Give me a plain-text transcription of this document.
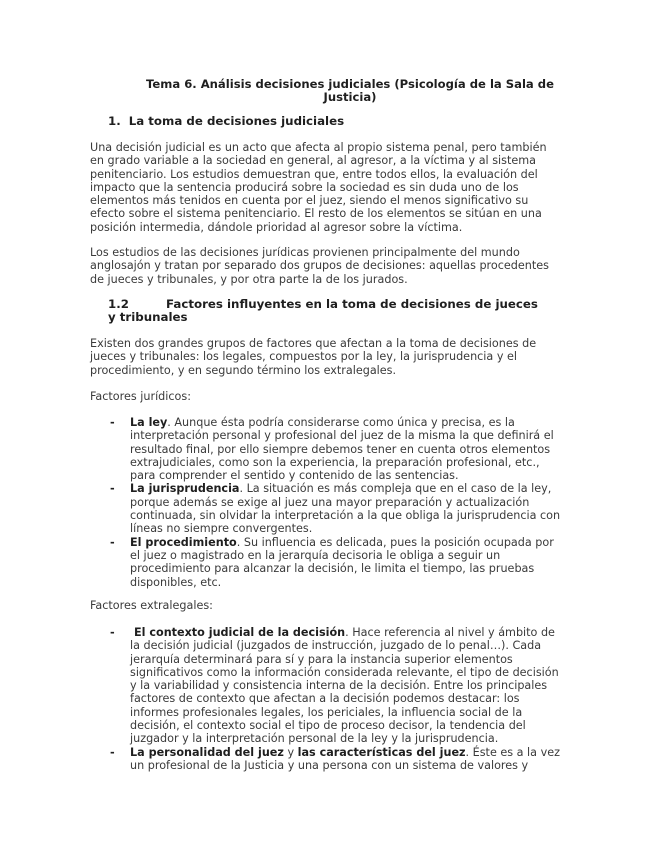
Tema 6. Análisis decisiones judiciales (Psicología de la Sala de Justicia)
1. La toma de decisiones judiciales

Una decisión judicial es un acto que afecta al propio sistema penal, pero también en grado variable a la sociedad en general, al agresor, a la víctima y al sistema penitenciario. Los estudios demuestran que, entre todos ellos, la evaluación del impacto que la sentencia producirá sobre la sociedad es sin duda uno de los elementos más tenidos en cuenta por el juez, siendo el menos significativo su efecto sobre el sistema penitenciario. El resto de los elementos se sitúan en una posición intermedia, dándole prioridad al agresor sobre la víctima.

Los estudios de las decisiones jurídicas provienen principalmente del mundo anglosajón y tratan por separado dos grupos de decisiones: aquellas procedentes de jueces y tribunales, y por otra parte la de los jurados.

1.2	Factores influyentes en la toma de decisiones de jueces y tribunales

Existen dos grandes grupos de factores que afectan a la toma de decisiones de jueces y tribunales: los legales, compuestos por la ley, la jurisprudencia y el procedimiento, y en segundo término los extralegales.

Factores jurídicos:

- La ley. Aunque ésta podría considerarse como única y precisa, es la interpretación personal y profesional del juez de la misma la que definirá el resultado final, por ello siempre debemos tener en cuenta otros elementos extrajudiciales, como son la experiencia, la preparación profesional, etc., para comprender el sentido y contenido de las sentencias.
- La jurisprudencia. La situación es más compleja que en el caso de la ley, porque además se exige al juez una mayor preparación y actualización continuada, sin olvidar la interpretación a la que obliga la jurisprudencia con líneas no siempre convergentes.
- El procedimiento. Su influencia es delicada, pues la posición ocupada por el juez o magistrado en la jerarquía decisoria le obliga a seguir un procedimiento para alcanzar la decisión, le limita el tiempo, las pruebas disponibles, etc.

Factores extralegales:

- El contexto judicial de la decisión. Hace referencia al nivel y ámbito de la decisión judicial (juzgados de instrucción, juzgado de lo penal…). Cada jerarquía determinará para sí y para la instancia superior elementos significativos como la información considerada relevante, el tipo de decisión y la variabilidad y consistencia interna de la decisión. Entre los principales factores de contexto que afectan a la decisión podemos destacar: los informes profesionales legales, los periciales, la influencia social de la decisión, el contexto social el tipo de proceso decisor, la tendencia del juzgador y la interpretación personal de la ley y la jurisprudencia.
- La personalidad del juez y las características del juez. Éste es a la vez un profesional de la Justicia y una persona con un sistema de valores y
